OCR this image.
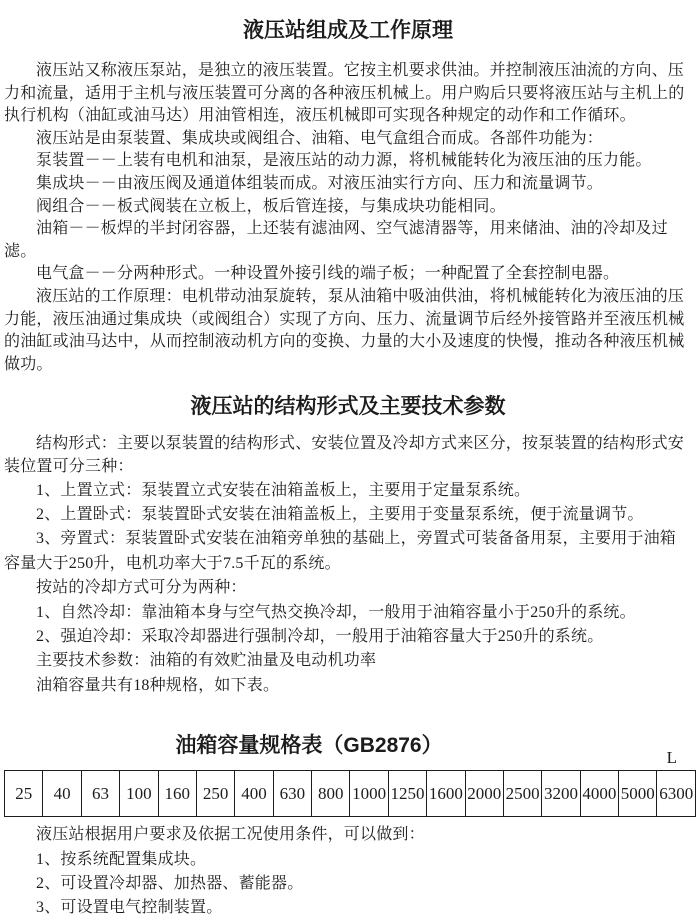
液压站组成及工作原理

液压站又称液压泵站，是独立的液压装置。它按主机要求供油。并控制液压油流的方向、压力和流量，适用于主机与液压装置可分离的各种液压机械上。用户购后只要将液压站与主机上的执行机构（油缸或油马达）用油管相连，液压机械即可实现各种规定的动作和工作循环。

液压站是由泵装置、集成块或阀组合、油箱、电气盒组合而成。各部件功能为：

泵装置－－上装有电机和油泵，是液压站的动力源，将机械能转化为液压油的压力能。

集成块－－由液压阀及通道体组装而成。对液压油实行方向、压力和流量调节。

阀组合－－板式阀装在立板上，板后管连接，与集成块功能相同。

油箱－－板焊的半封闭容器，上还装有滤油网、空气滤清器等，用来储油、油的冷却及过滤。

电气盒－－分两种形式。一种设置外接引线的端子板；一种配置了全套控制电器。

液压站的工作原理：电机带动油泵旋转，泵从油箱中吸油供油，将机械能转化为液压油的压力能，液压油通过集成块（或阀组合）实现了方向、压力、流量调节后经外接管路并至液压机械的油缸或油马达中，从而控制液动机方向的变换、力量的大小及速度的快慢，推动各种液压机械做功。

液压站的结构形式及主要技术参数

结构形式：主要以泵装置的结构形式、安装位置及冷却方式来区分，按泵装置的结构形式安装位置可分三种：

1、上置立式：泵装置立式安装在油箱盖板上，主要用于定量泵系统。

2、上置卧式：泵装置卧式安装在油箱盖板上，主要用于变量泵系统，便于流量调节。

3、旁置式：泵装置卧式安装在油箱旁单独的基础上，旁置式可装备备用泵，主要用于油箱容量大于250升，电机功率大于7.5千瓦的系统。

按站的冷却方式可分为两种：

1、自然冷却：靠油箱本身与空气热交换冷却，一般用于油箱容量小于250升的系统。

2、强迫冷却：采取冷却器进行强制冷却，一般用于油箱容量大于250升的系统。

主要技术参数：油箱的有效贮油量及电动机功率

油箱容量共有18种规格，如下表。

油箱容量规格表（GB2876）
L
25	40	63	100	160	250	400	630	800	1000	1250	1600	2000	2500	3200	4000	5000	6300

液压站根据用户要求及依据工况使用条件，可以做到：

1、按系统配置集成块。

2、可设置冷却器、加热器、蓄能器。

3、可设置电气控制装置。
